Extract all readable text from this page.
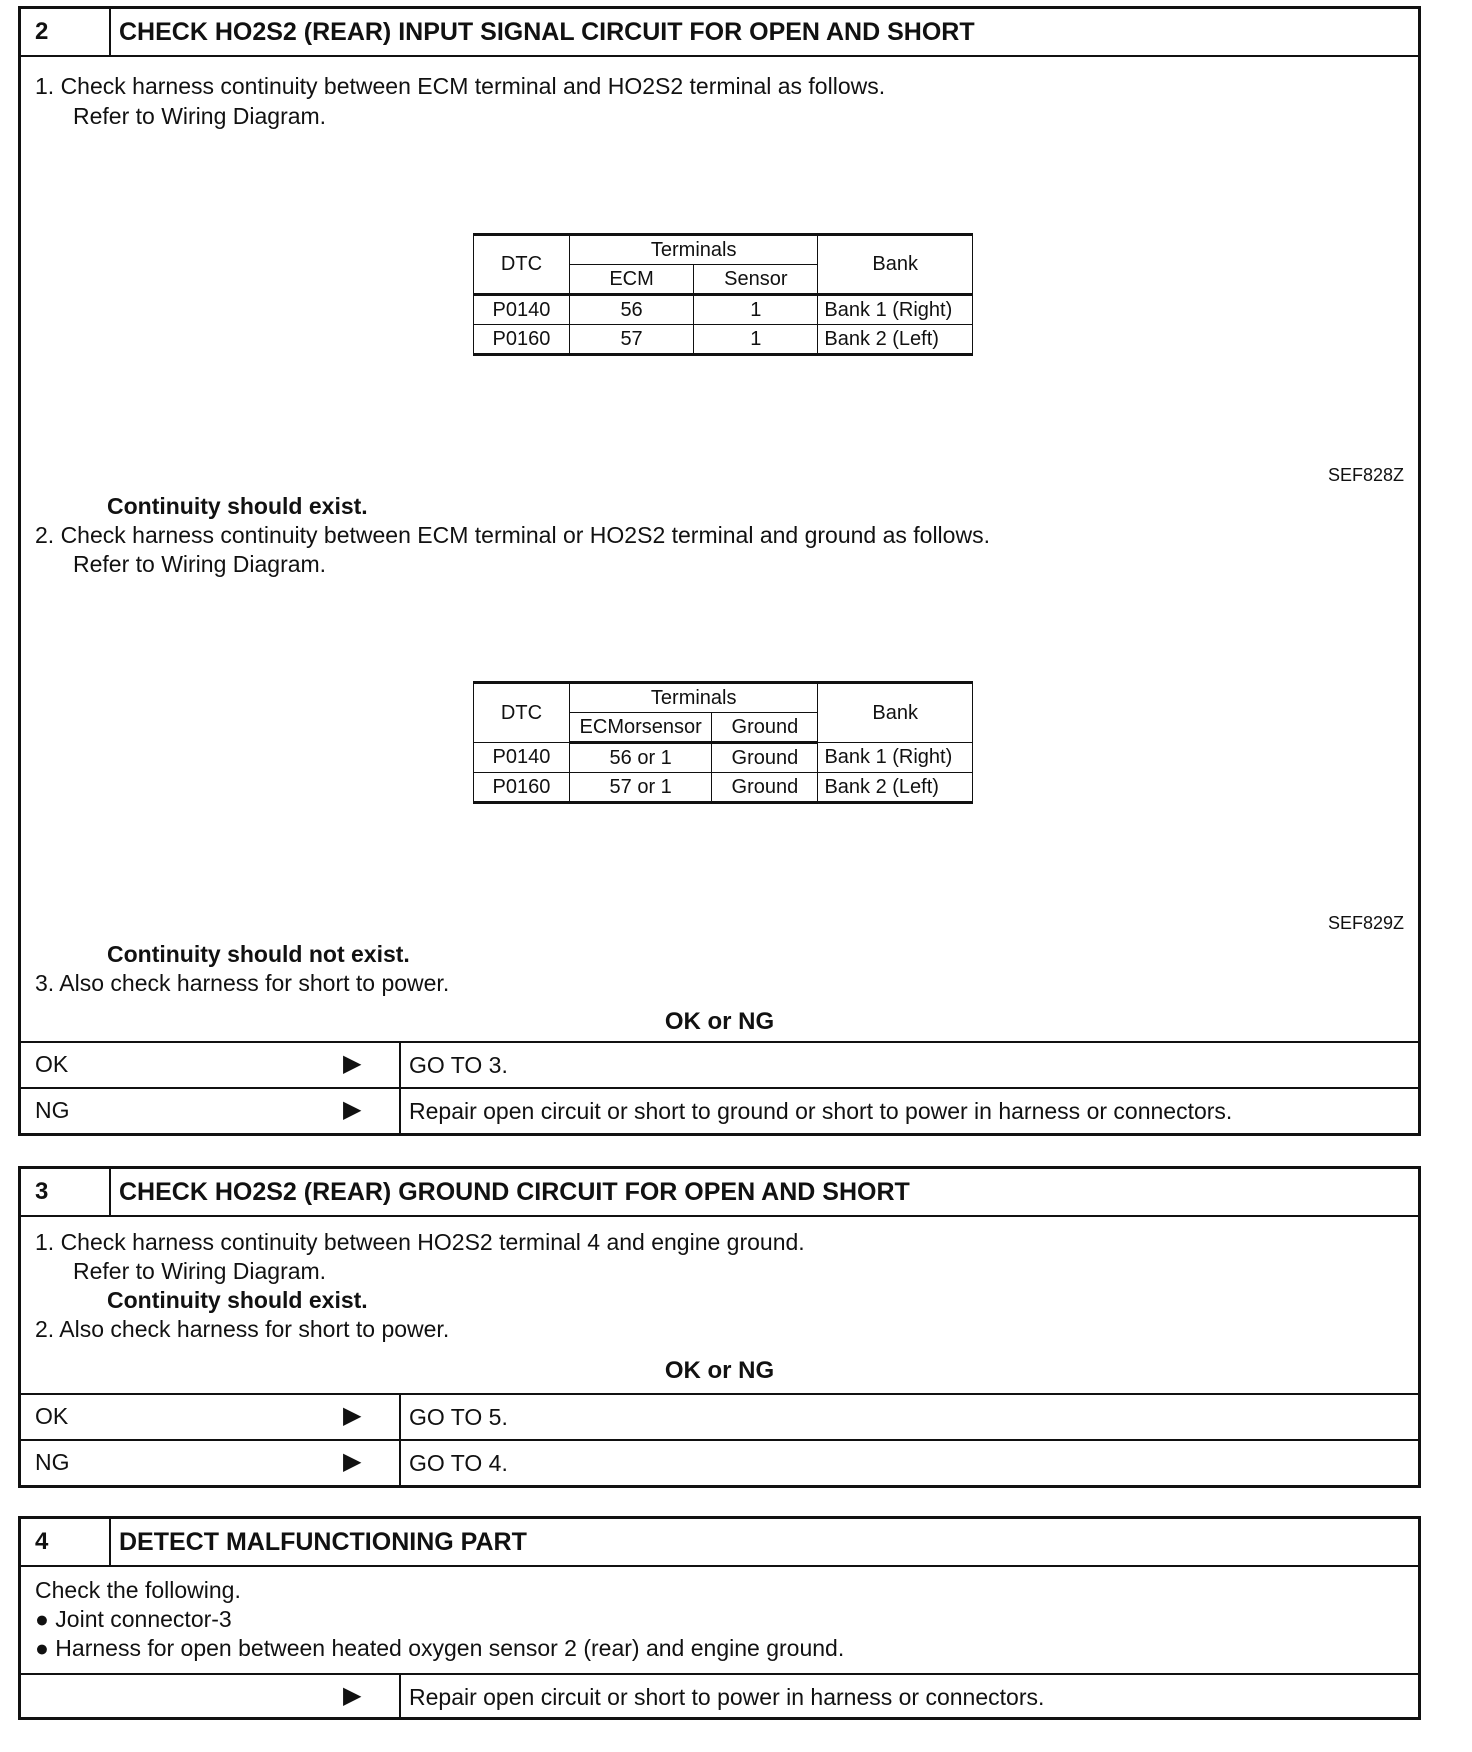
2	CHECK HO2S2 (REAR) INPUT SIGNAL CIRCUIT FOR OPEN AND SHORT
1. Check harness continuity between ECM terminal and HO2S2 terminal as follows.
Refer to Wiring Diagram.
DTC	Terminals		Bank
	ECM	Sensor	
P0140	56	1	Bank 1 (Right)
P0160	57	1	Bank 2 (Left)
SEF828Z
Continuity should exist.
2. Check harness continuity between ECM terminal or HO2S2 terminal and ground as follows.
Refer to Wiring Diagram.
DTC	Terminals		Bank
	ECMorsensor	Ground	
P0140	56 or 1	Ground	Bank 1 (Right)
P0160	57 or 1	Ground	Bank 2 (Left)
SEF829Z
Continuity should not exist.
3. Also check harness for short to power.
OK or NG
OK	▶	GO TO 3.
NG	▶	Repair open circuit or short to ground or short to power in harness or connectors.
3	CHECK HO2S2 (REAR) GROUND CIRCUIT FOR OPEN AND SHORT
1. Check harness continuity between HO2S2 terminal 4 and engine ground.
Refer to Wiring Diagram.
Continuity should exist.
2. Also check harness for short to power.
OK or NG
OK	▶	GO TO 5.
NG	▶	GO TO 4.
4	DETECT MALFUNCTIONING PART
Check the following.
● Joint connector-3
● Harness for open between heated oxygen sensor 2 (rear) and engine ground.
▶	Repair open circuit or short to power in harness or connectors.
